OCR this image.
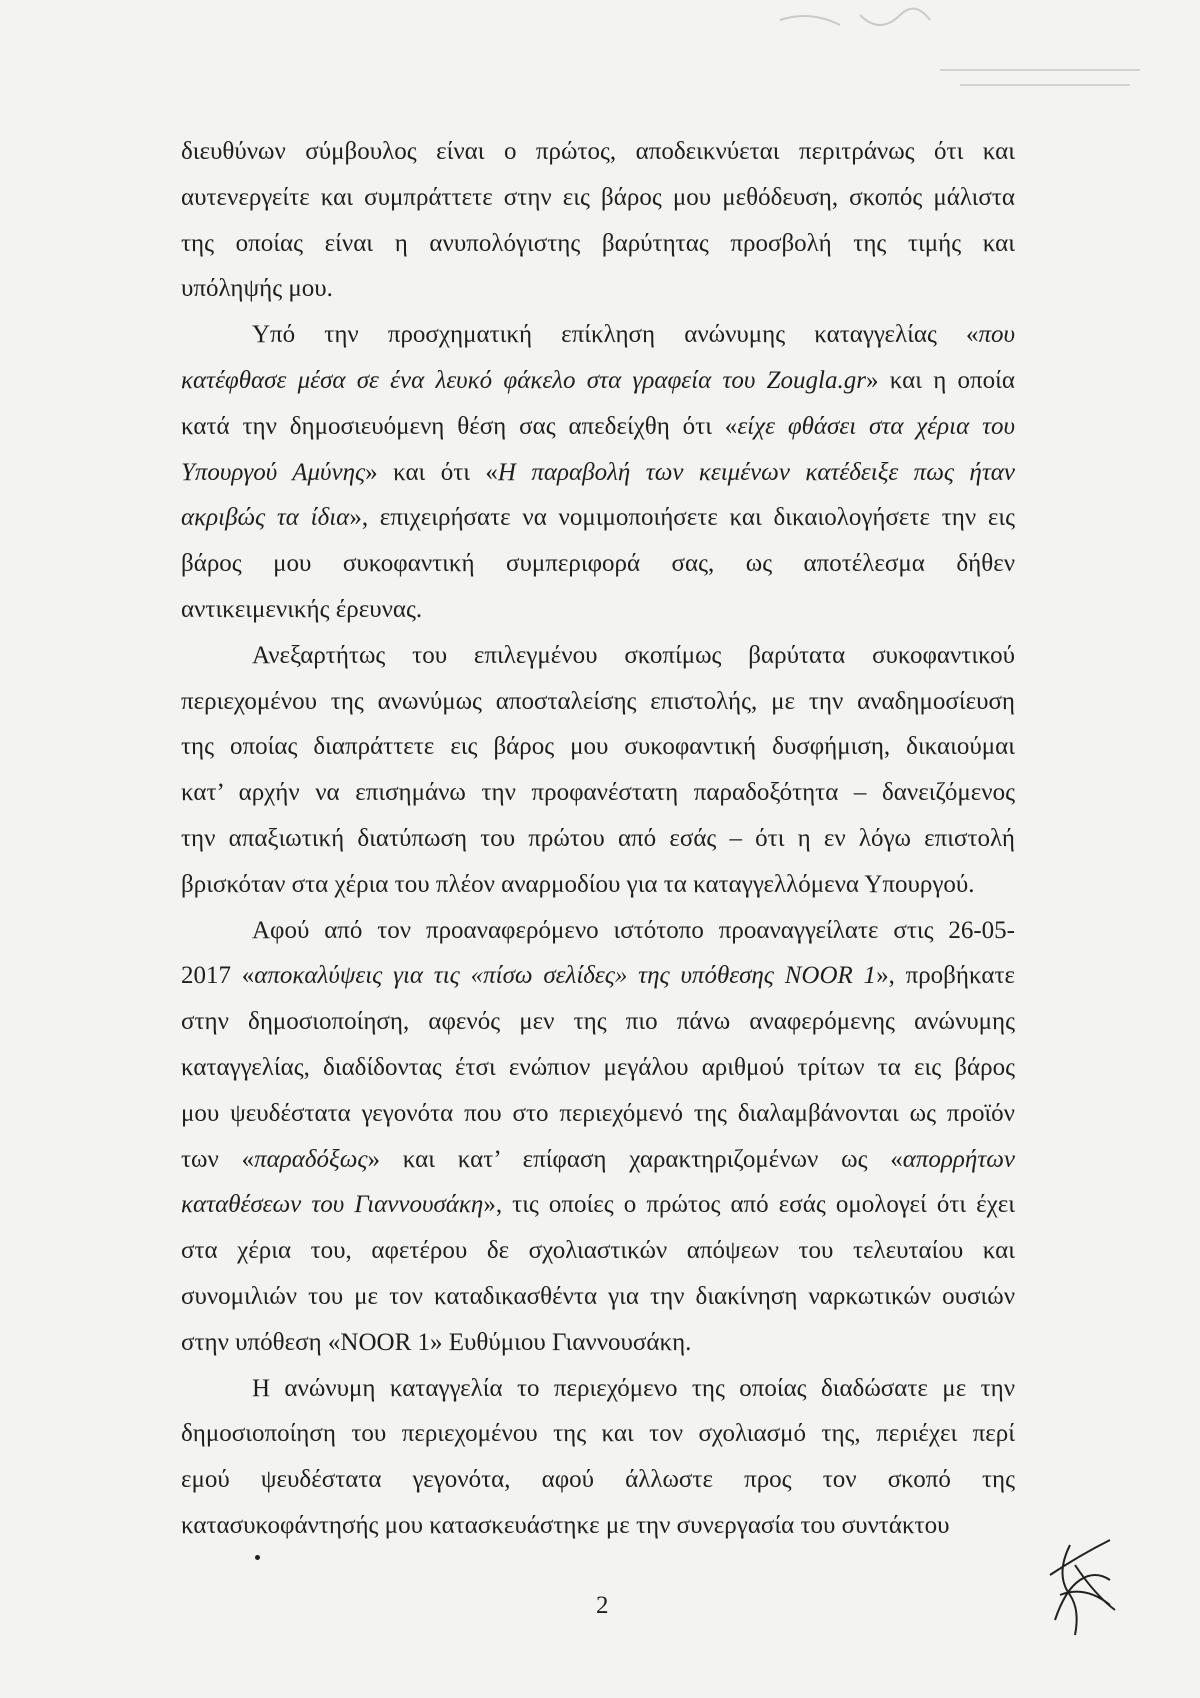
διευθύνων σύμβουλος είναι ο πρώτος, αποδεικνύεται περιτράνως ότι και
αυτενεργείτε και συμπράττετε στην εις βάρος μου μεθόδευση, σκοπός μάλιστα
της οποίας είναι η ανυπολόγιστης βαρύτητας προσβολή της τιμής και
υπόληψής μου.
Υπό την προσχηματική επίκληση ανώνυμης καταγγελίας «που
κατέφθασε μέσα σε ένα λευκό φάκελο στα γραφεία του Zougla.gr» και η οποία
κατά την δημοσιευόμενη θέση σας απεδείχθη ότι «είχε φθάσει στα χέρια του
Υπουργού Αμύνης» και ότι «Η παραβολή των κειμένων κατέδειξε πως ήταν
ακριβώς τα ίδια», επιχειρήσατε να νομιμοποιήσετε και δικαιολογήσετε την εις
βάρος μου συκοφαντική συμπεριφορά σας, ως αποτέλεσμα δήθεν
αντικειμενικής έρευνας.
Ανεξαρτήτως του επιλεγμένου σκοπίμως βαρύτατα συκοφαντικού
περιεχομένου της ανωνύμως αποσταλείσης επιστολής, με την αναδημοσίευση
της οποίας διαπράττετε εις βάρος μου συκοφαντική δυσφήμιση, δικαιούμαι
κατ’ αρχήν να επισημάνω την προφανέστατη παραδοξότητα – δανειζόμενος
την απαξιωτική διατύπωση του πρώτου από εσάς – ότι η εν λόγω επιστολή
βρισκόταν στα χέρια του πλέον αναρμοδίου για τα καταγγελλόμενα Υπουργού.
Αφού από τον προαναφερόμενο ιστότοπο προαναγγείλατε στις 26-05-
2017 «αποκαλύψεις για τις «πίσω σελίδες» της υπόθεσης NOOR 1», προβήκατε
στην δημοσιοποίηση, αφενός μεν της πιο πάνω αναφερόμενης ανώνυμης
καταγγελίας, διαδίδοντας έτσι ενώπιον μεγάλου αριθμού τρίτων τα εις βάρος
μου ψευδέστατα γεγονότα που στο περιεχόμενό της διαλαμβάνονται ως προϊόν
των «παραδόξως» και κατ’ επίφαση χαρακτηριζομένων ως «απορρήτων
καταθέσεων του Γιαννουσάκη», τις οποίες ο πρώτος από εσάς ομολογεί ότι έχει
στα χέρια του, αφετέρου δε σχολιαστικών απόψεων του τελευταίου και
συνομιλιών του με τον καταδικασθέντα για την διακίνηση ναρκωτικών ουσιών
στην υπόθεση «NOOR 1» Ευθύμιου Γιαννουσάκη.
Η ανώνυμη καταγγελία το περιεχόμενο της οποίας διαδώσατε με την
δημοσιοποίηση του περιεχομένου της και τον σχολιασμό της, περιέχει περί
εμού ψευδέστατα γεγονότα, αφού άλλωστε προς τον σκοπό της
κατασυκοφάντησής μου κατασκευάστηκε με την συνεργασία του συντάκτου
2
